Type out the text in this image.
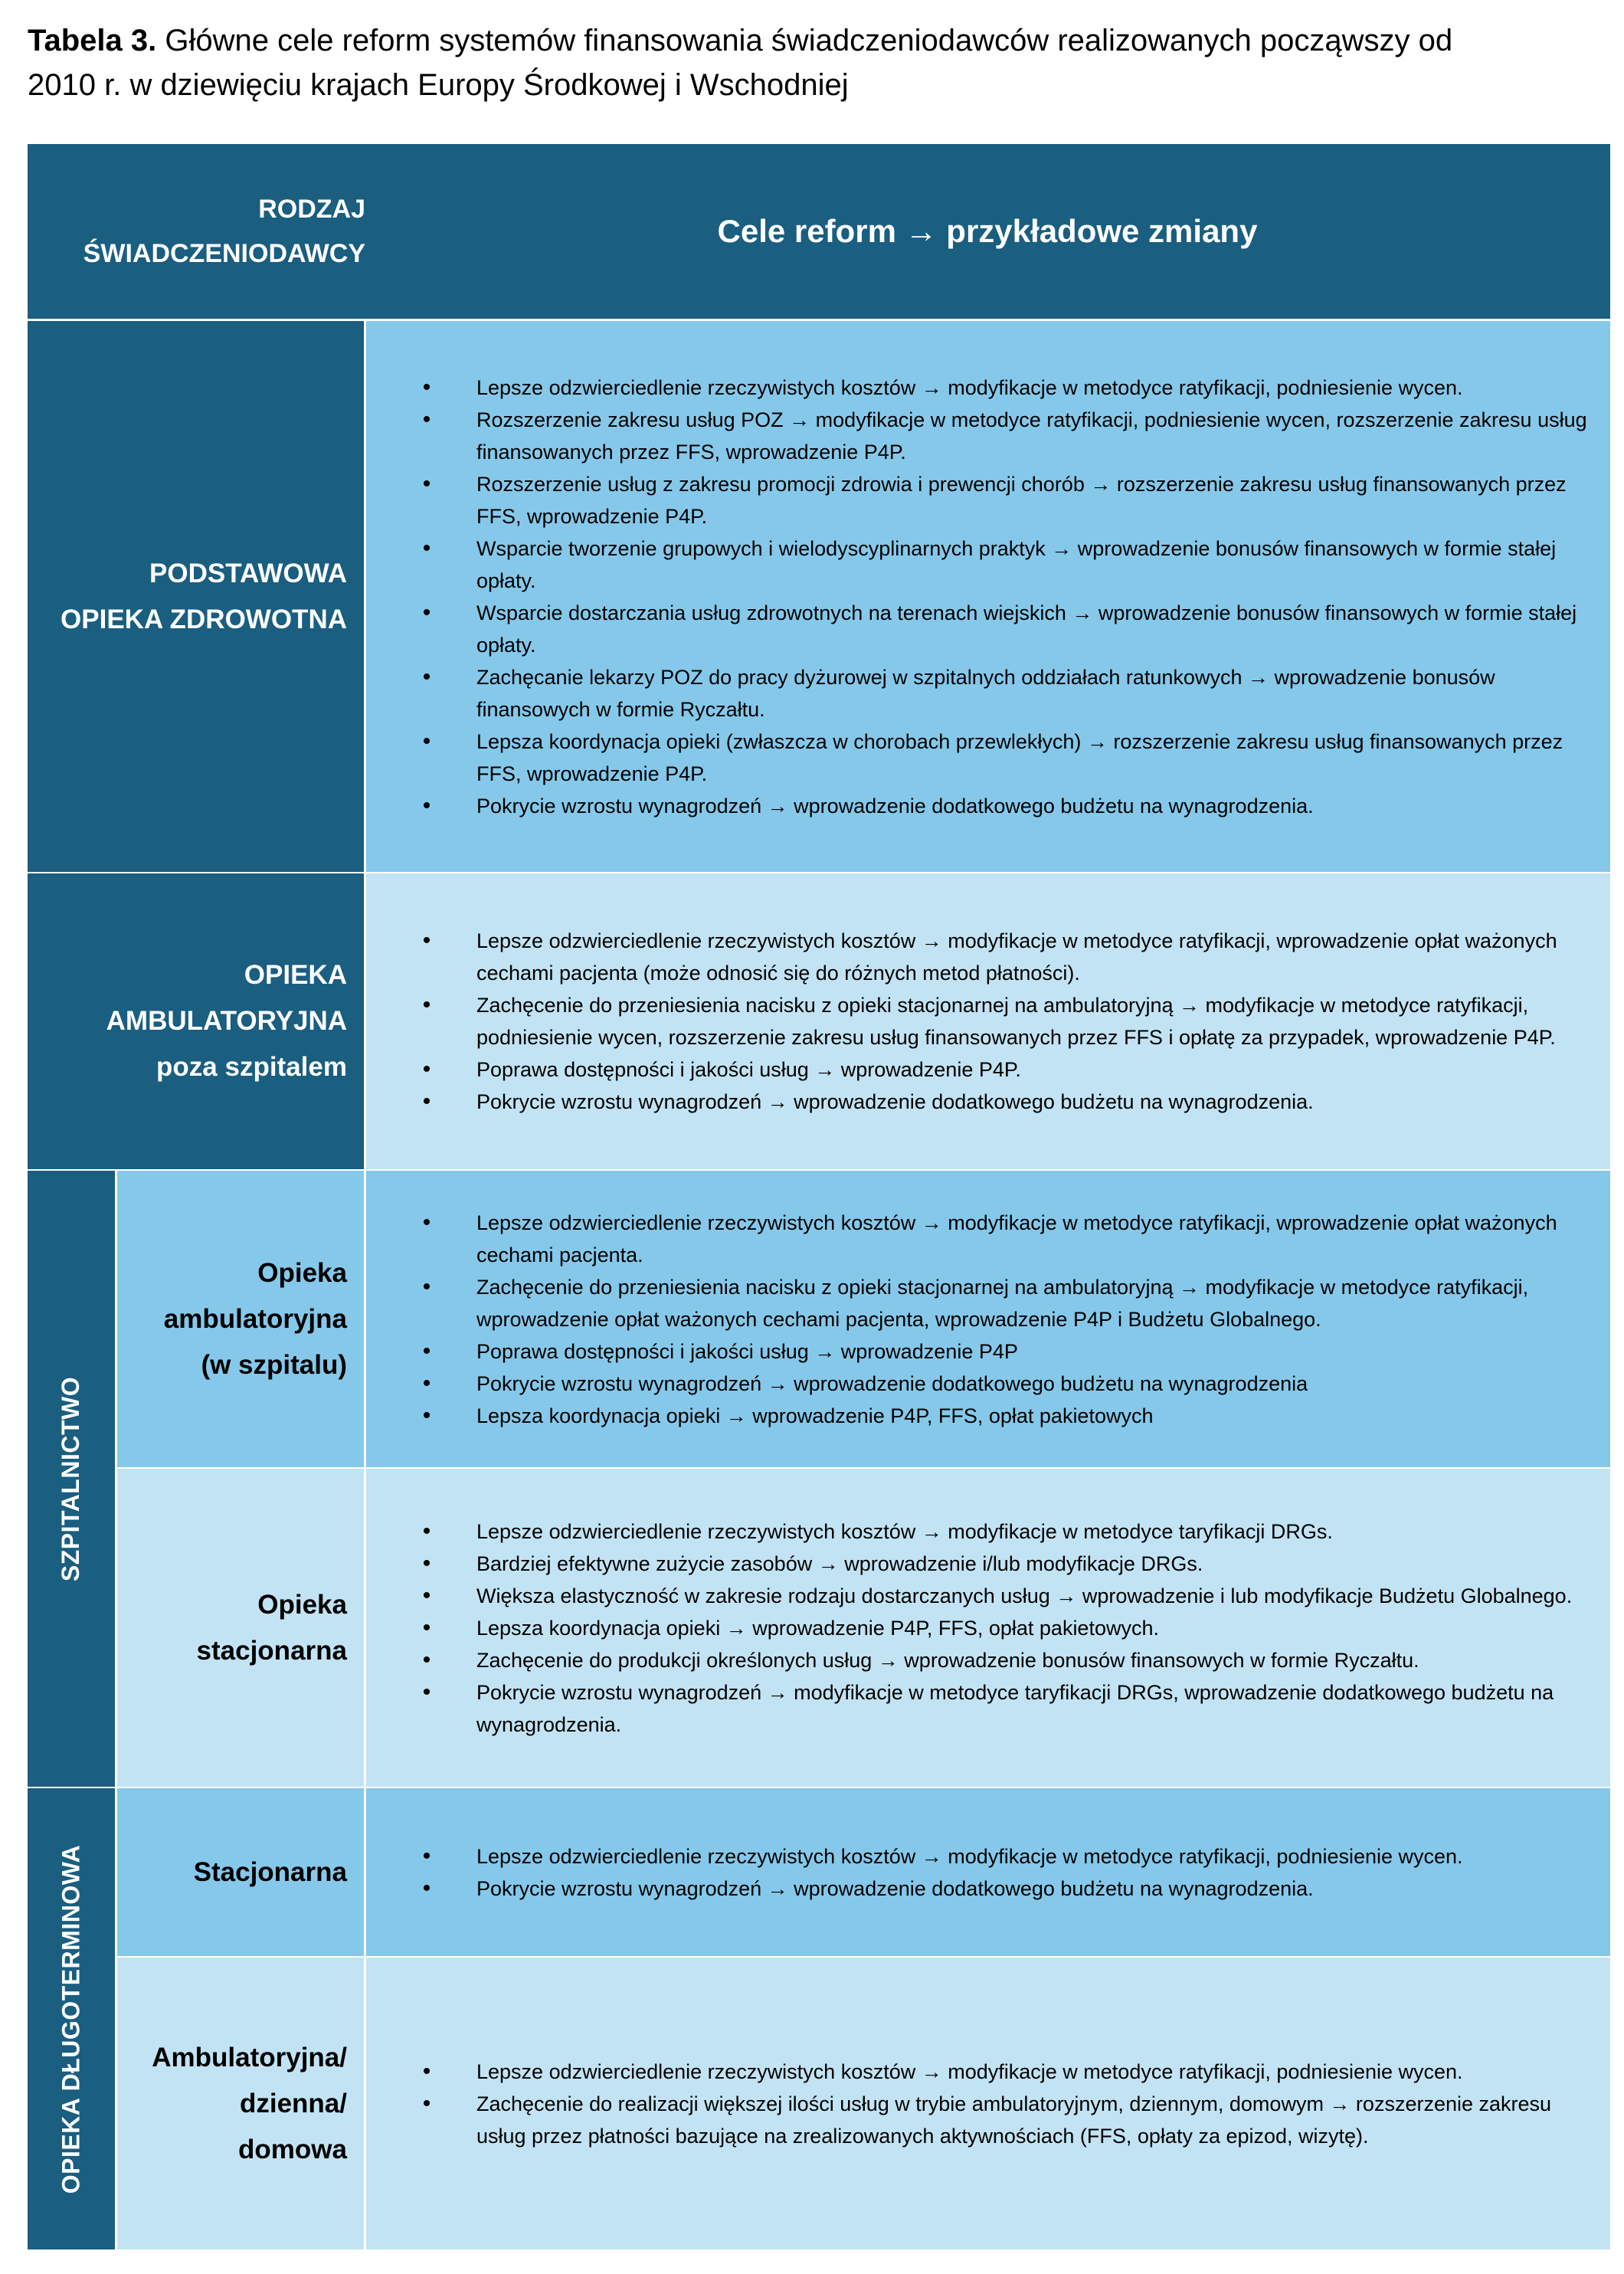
Tabela 3. Główne cele reform systemów finansowania świadczeniodawców realizowanych począwszy od
2010 r. w dziewięciu krajach Europy Środkowej i Wschodniej
RODZAJ
ŚWIADCZENIODAWCY
Cele reform → przykładowe zmiany
PODSTAWOWA
OPIEKA ZDROWOTNA
•	Lepsze odzwierciedlenie rzeczywistych kosztów → modyfikacje w metodyce ratyfikacji, podniesienie wycen.
•	Rozszerzenie zakresu usług POZ → modyfikacje w metodyce ratyfikacji, podniesienie wycen, rozszerzenie zakresu usług finansowanych przez FFS, wprowadzenie P4P.
•	Rozszerzenie usług z zakresu promocji zdrowia i prewencji chorób → rozszerzenie zakresu usług finansowanych przez FFS, wprowadzenie P4P.
•	Wsparcie tworzenie grupowych i wielodyscyplinarnych praktyk → wprowadzenie bonusów finansowych w formie stałej opłaty.
•	Wsparcie dostarczania usług zdrowotnych na terenach wiejskich → wprowadzenie bonusów finansowych w formie stałej opłaty.
•	Zachęcanie lekarzy POZ do pracy dyżurowej w szpitalnych oddziałach ratunkowych → wprowadzenie bonusów finansowych w formie Ryczałtu.
•	Lepsza koordynacja opieki (zwłaszcza w chorobach przewlekłych) → rozszerzenie zakresu usług finansowanych przez FFS, wprowadzenie P4P.
•	Pokrycie wzrostu wynagrodzeń → wprowadzenie dodatkowego budżetu na wynagrodzenia.
OPIEKA
AMBULATORYJNA
poza szpitalem
•	Lepsze odzwierciedlenie rzeczywistych kosztów → modyfikacje w metodyce ratyfikacji, wprowadzenie opłat ważonych cechami pacjenta (może odnosić się do różnych metod płatności).
•	Zachęcenie do przeniesienia nacisku z opieki stacjonarnej na ambulatoryjną → modyfikacje w metodyce ratyfikacji, podniesienie wycen, rozszerzenie zakresu usług finansowanych przez FFS i opłatę za przypadek, wprowadzenie P4P.
•	Poprawa dostępności i jakości usług → wprowadzenie P4P.
•	Pokrycie wzrostu wynagrodzeń → wprowadzenie dodatkowego budżetu na wynagrodzenia.
SZPITALNICTWO
Opieka
ambulatoryjna
(w szpitalu)
•	Lepsze odzwierciedlenie rzeczywistych kosztów → modyfikacje w metodyce ratyfikacji, wprowadzenie opłat ważonych cechami pacjenta.
•	Zachęcenie do przeniesienia nacisku z opieki stacjonarnej na ambulatoryjną → modyfikacje w metodyce ratyfikacji, wprowadzenie opłat ważonych cechami pacjenta, wprowadzenie P4P i Budżetu Globalnego.
•	Poprawa dostępności i jakości usług → wprowadzenie P4P
•	Pokrycie wzrostu wynagrodzeń → wprowadzenie dodatkowego budżetu na wynagrodzenia
•	Lepsza koordynacja opieki → wprowadzenie P4P, FFS, opłat pakietowych
Opieka
stacjonarna
•	Lepsze odzwierciedlenie rzeczywistych kosztów → modyfikacje w metodyce taryfikacji DRGs.
•	Bardziej efektywne zużycie zasobów → wprowadzenie i/lub modyfikacje DRGs.
•	Większa elastyczność w zakresie rodzaju dostarczanych usług → wprowadzenie i lub modyfikacje Budżetu Globalnego.
•	Lepsza koordynacja opieki → wprowadzenie P4P, FFS, opłat pakietowych.
•	Zachęcenie do produkcji określonych usług → wprowadzenie bonusów finansowych w formie Ryczałtu.
•	Pokrycie wzrostu wynagrodzeń → modyfikacje w metodyce taryfikacji DRGs, wprowadzenie dodatkowego budżetu na wynagrodzenia.
OPIEKA DŁUGOTERMINOWA	Stacjonarna
•	Lepsze odzwierciedlenie rzeczywistych kosztów → modyfikacje w metodyce ratyfikacji, podniesienie wycen.
•	Pokrycie wzrostu wynagrodzeń → wprowadzenie dodatkowego budżetu na wynagrodzenia.
Ambulatoryjna/
dzienna/
domowa
•	Lepsze odzwierciedlenie rzeczywistych kosztów → modyfikacje w metodyce ratyfikacji, podniesienie wycen.
•	Zachęcenie do realizacji większej ilości usług w trybie ambulatoryjnym, dziennym, domowym → rozszerzenie zakresu usług przez płatności bazujące na zrealizowanych aktywnościach (FFS, opłaty za epizod, wizytę).
